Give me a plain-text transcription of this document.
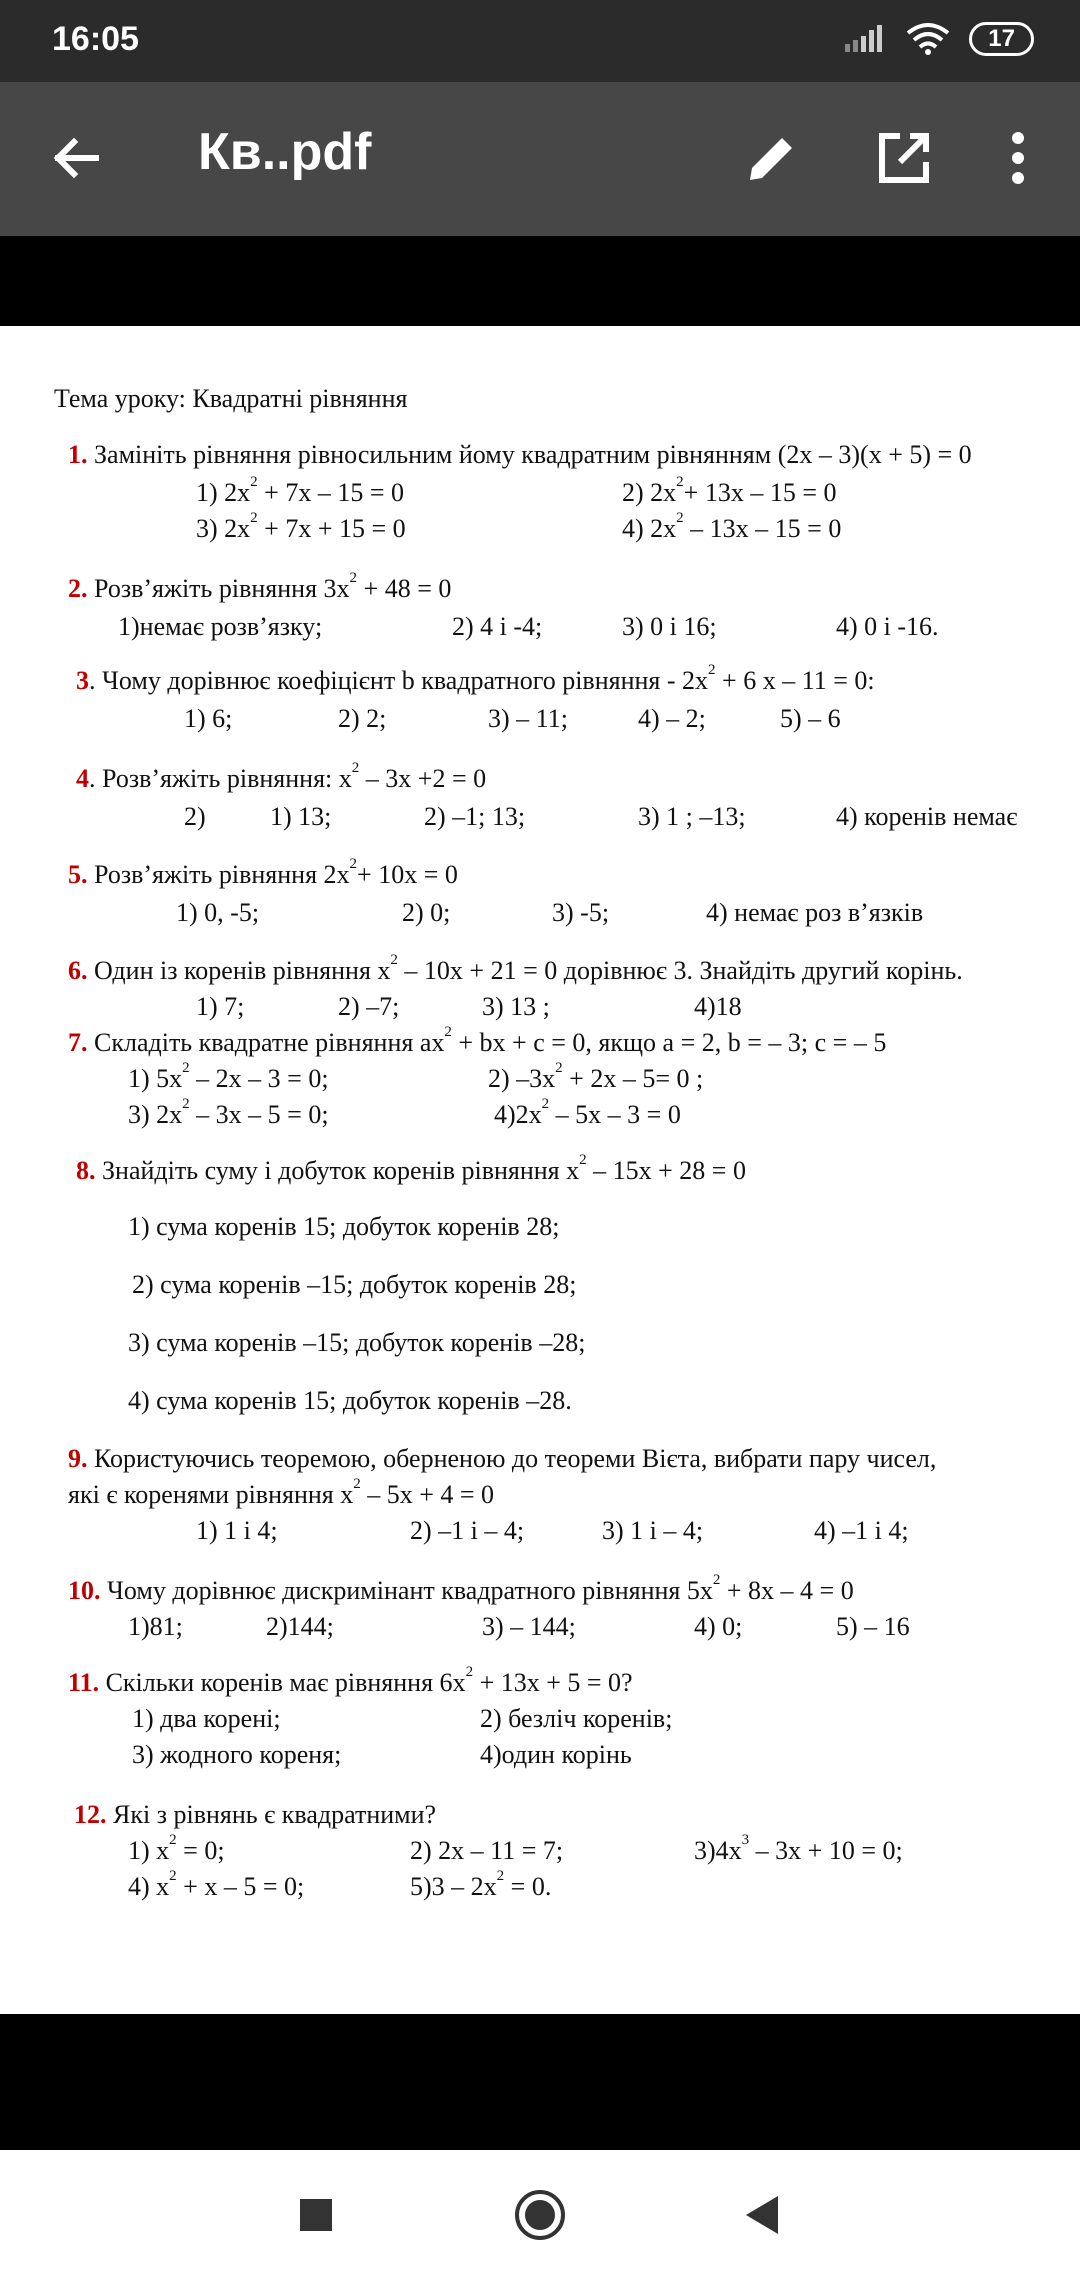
16:05	17
Кв..pdf
Тема уроку: Квадратні рівняння
1. Замініть рівняння рівносильним йому квадратним рівнянням (2x – 3)(x + 5) = 0
1) $2x^2 + 7x - 15 = 0$	2) $2x^2+ 13x - 15 = 0$
3) $2x^2 + 7x + 15 = 0$	4) $2x^2 - 13x - 15 = 0$
2. Розв’яжіть рівняння $3x^2 + 48 = 0$
1)немає розв’язку;	2) 4 і -4;	3) 0 і 16;	4) 0 і -16.
3. Чому дорівнює коефіцієнт b квадратного рівняння - $2x^2 + 6$ x – 11 = 0:
1) 6;	2) 2;	3) – 11;	4) – 2;	5) – 6
4. Розв’яжіть рівняння: $x^2 - 3x +2 = 0$
2) 1) 13;	2) –1; 13;	3) 1 ; –13;	4) коренів немає
5. Розв’яжіть рівняння $2x^2+ 10x = 0$
1) 0, -5;	2) 0;	3) -5;	4) немає роз в’язків
6. Один із коренів рівняння $x^2 - 10x + 21 = 0$ дорівнює 3. Знайдіть другий корінь.
1) 7;	2) –7;	3) 13 ;	4)18
7. Складіть квадратне рівняння $ax^2$ + bx + c = 0, якщо a = 2, b = – 3; c = – 5
1) $5x^2 - 2x - 3 = 0$;	2) $-3x^2 + 2x - 5= 0$ ;
3) $2x^2 - 3x - 5 = 0$;	$4)2x^2 - 5x - 3 = 0$
8. Знайдіть суму і добуток коренів рівняння $x^2 - 15x + 28 = 0$
1) сума коренів 15; добуток коренів 28;
2) сума коренів –15; добуток коренів 28;
3) сума коренів –15; добуток коренів –28;
4) сума коренів 15; добуток коренів –28.
9. Користуючись теоремою, оберненою до теореми Вієта, вибрати пару чисел,
які є коренями рівняння $x^2 - 5x + 4 = 0$
1) 1 і 4;	2) –1 і – 4;	3) 1 і – 4;	4) –1 і 4;
10. Чому дорівнює дискримінант квадратного рівняння $5x^2 + 8x - 4 = 0$
1)81;	2)144;	3) – 144;	4) 0;	5) – 16
11. Скільки коренів має рівняння $6x^2 + 13x + 5 = 0$?
1) два корені;	2) безліч коренів;
3) жодного кореня;	4)один корінь
12. Які з рівнянь є квадратними?
1) $x^2 = 0$;	2) 2x – 11 = 7;	$3)4x^3 - 3x + 10 = 0$;
4) $x^2 + x - 5 = 0$;	$5)3 - 2x^2 = 0$.
